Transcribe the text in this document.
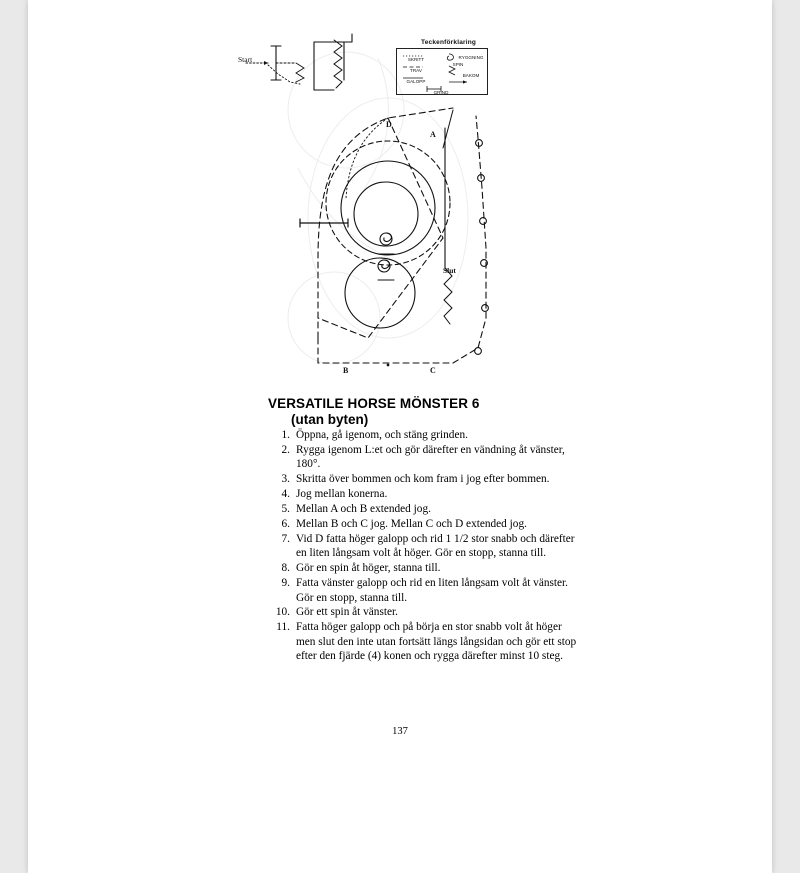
Teckenförklaring
SKRITT
TRAV
GALOPP
SPIN
RYGGNING
BAKOM
GRIND
Start
Slut
A
B	C
D
VERSATILE HORSE MÖNSTER 6
(utan byten)
1. Öppna, gå igenom, och stäng grinden.
2. Rygga igenom L:et och gör därefter en vändning åt vänster, 180°.
3. Skritta över bommen och kom fram i jog efter bommen.
4. Jog mellan konerna.
5. Mellan A och B extended jog.
6. Mellan B och C jog. Mellan C och D extended jog.
7. Vid D fatta höger galopp och rid 1 1/2 stor snabb och därefter en liten långsam volt åt höger. Gör en stopp, stanna till.
8. Gör en spin åt höger, stanna till.
9. Fatta vänster galopp och rid en liten långsam volt åt vänster. Gör en stopp, stanna till.
10. Gör ett spin åt vänster.
11. Fatta höger galopp och på börja en stor snabb volt åt höger men slut den inte utan fortsätt längs långsidan och gör ett stop efter den fjärde (4) konen och rygga därefter minst 10 steg.
137
